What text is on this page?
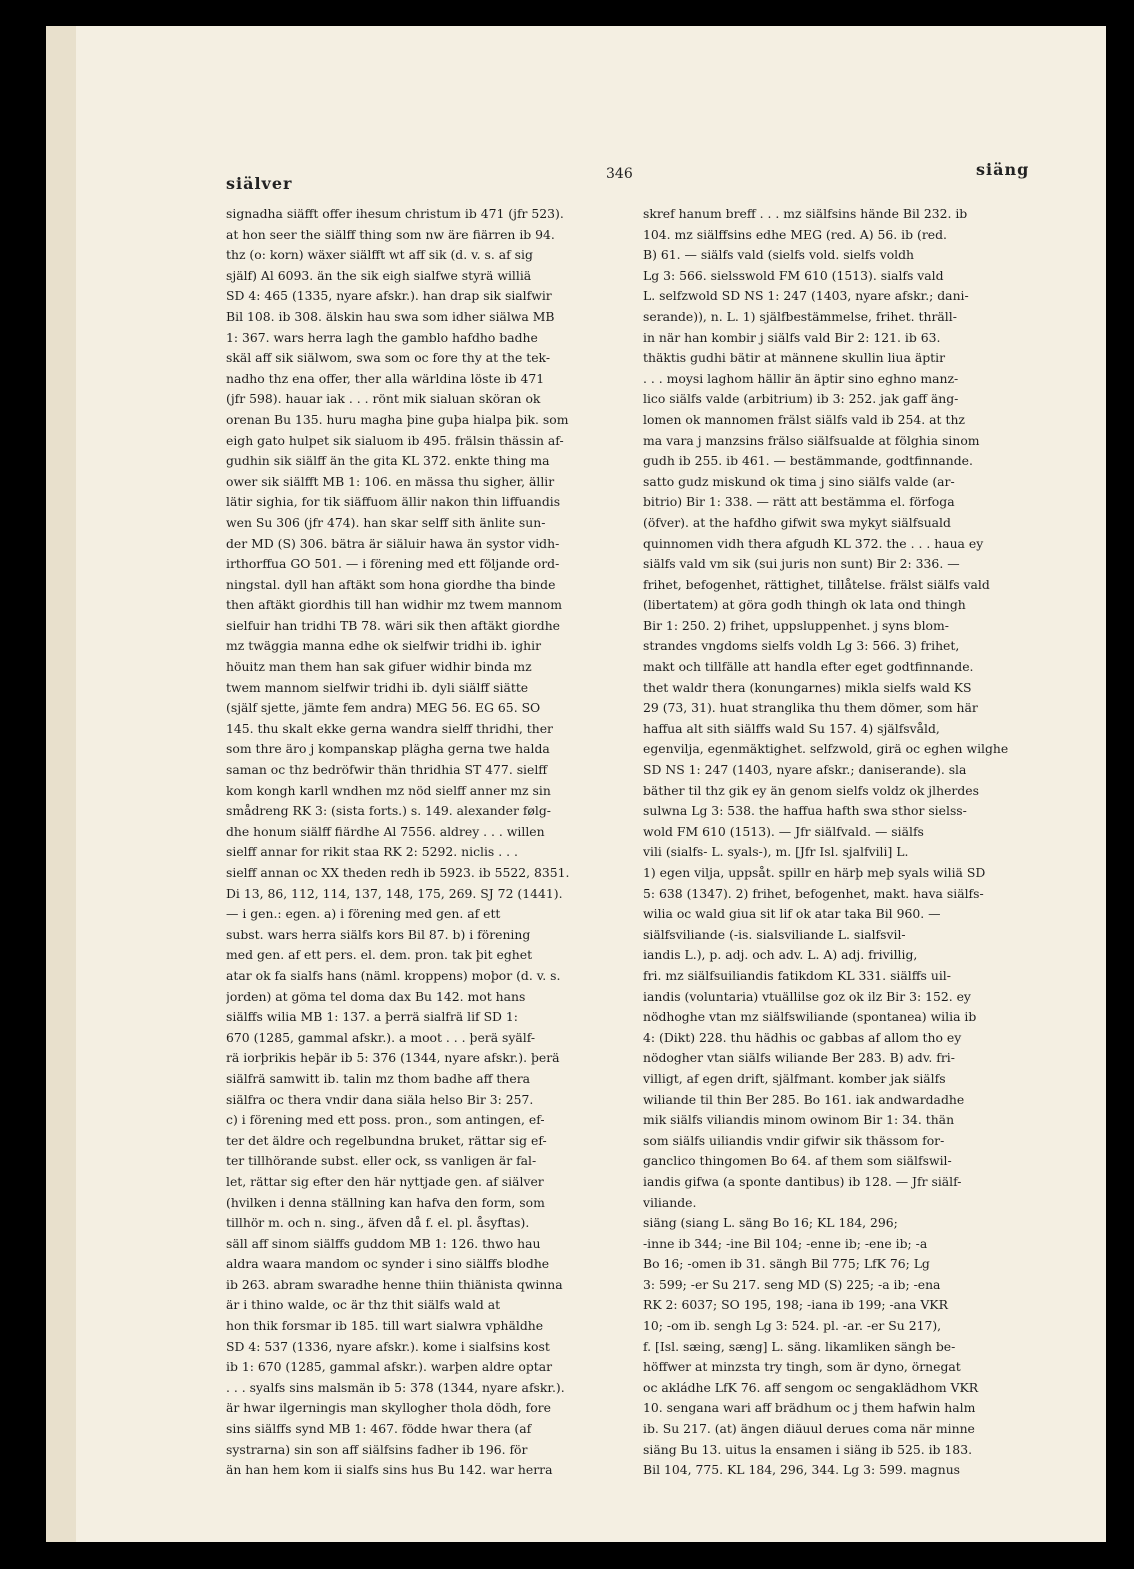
siälver	346	siäng
signadha siäfft offer ihesum christum ib 471 (jfr 523).
at hon seer the siälff thing som nw äre fiärren ib 94.
thz (o: korn) wäxer siälfft wt aff sik (d. v. s. af sig
själf) Al 6093. än the sik eigh sialfwe styrä williä
SD 4: 465 (1335, nyare afskr.). han drap sik sialfwir
Bil 108. ib 308. älskin hau swa som idher siälwa MB
1: 367. wars herra lagh the gamblo hafdho badhe
skäl aff sik siälwom, swa som oc fore thy at the tek-
nadho thz ena offer, ther alla wärldina löste ib 471
(jfr 598). hauar iak . . . rönt mik sialuan sköran ok
orenan Bu 135. huru magha þine guþa hialpa þik. som
eigh gato hulpet sik sialuom ib 495. frälsin thässin af-
gudhin sik siälff än the gita KL 372. enkte thing ma
ower sik siälfft MB 1: 106. en mässa thu sigher, ällir
lätir sighia, for tik siäffuom ällir nakon thin liffuandis
wen Su 306 (jfr 474). han skar selff sith änlite sun-
der MD (S) 306. bätra är siäluir hawa än systor vidh-
irthorffua GO 501. — i förening med ett följande ord-
ningstal. dyll han aftäkt som hona giordhe tha binde
then aftäkt giordhis till han widhir mz twem mannom
sielfuir han tridhi TB 78. wäri sik then aftäkt giordhe
mz twäggia manna edhe ok sielfwir tridhi ib. ighir
höuitz man them han sak gifuer widhir binda mz
twem mannom sielfwir tridhi ib. dyli siälff siätte
(själf sjette, jämte fem andra) MEG 56. EG 65. SO
145. thu skalt ekke gerna wandra sielff thridhi, ther
som thre äro j kompanskap plägha gerna twe halda
saman oc thz bedröfwir thän thridhia ST 477. sielff
kom kongh karll wndhen mz nöd sielff anner mz sin
smådreng RK 3: (sista forts.) s. 149. alexander følg-
dhe honum siälff fiärdhe Al 7556. aldrey . . . willen
sielff annar for rikit staa RK 2: 5292. niclis . . .
sielff annan oc XX theden redh ib 5923. ib 5522, 8351.
Di 13, 86, 112, 114, 137, 148, 175, 269. SJ 72 (1441).
— i gen.: egen. a) i förening med gen. af ett
subst. wars herra siälfs kors Bil 87. b) i förening
med gen. af ett pers. el. dem. pron. tak þit eghet
atar ok fa sialfs hans (näml. kroppens) moþor (d. v. s.
jorden) at göma tel doma dax Bu 142. mot hans
siälffs wilia MB 1: 137. a þerrä sialfrä lif SD 1:
670 (1285, gammal afskr.). a moot . . . þerä syälf-
rä iorþrikis heþär ib 5: 376 (1344, nyare afskr.). þerä
siälfrä samwitt ib. talin mz thom badhe aff thera
siälfra oc thera vndir dana siäla helso Bir 3: 257.
c) i förening med ett poss. pron., som antingen, ef-
ter det äldre och regelbundna bruket, rättar sig ef-
ter tillhörande subst. eller ock, ss vanligen är fal-
let, rättar sig efter den här nyttjade gen. af siälver
(hvilken i denna ställning kan hafva den form, som
tillhör m. och n. sing., äfven då f. el. pl. åsyftas).
säll aff sinom siälffs guddom MB 1: 126. thwo hau
aldra waara mandom oc synder i sino siälffs blodhe
ib 263. abram swaradhe henne thiin thiänista qwinna
är i thino walde, oc är thz thit siälfs wald at
hon thik forsmar ib 185. till wart sialwra vphäldhe
SD 4: 537 (1336, nyare afskr.). kome i sialfsins kost
ib 1: 670 (1285, gammal afskr.). warþen aldre optar
. . . syalfs sins malsmän ib 5: 378 (1344, nyare afskr.).
är hwar ilgerningis man skyllogher thola dödh, fore
sins siälffs synd MB 1: 467. födde hwar thera (af
systrarna) sin son aff siälfsins fadher ib 196. för
än han hem kom ii sialfs sins hus Bu 142. war herra
skref hanum breff . . . mz siälfsins hände Bil 232. ib
104. mz siälffsins edhe MEG (red. A) 56. ib (red.
B) 61. — siälfs vald (sielfs vold. sielfs voldh
Lg 3: 566. sielsswold FM 610 (1513). sialfs vald
L. selfzwold SD NS 1: 247 (1403, nyare afskr.; dani-
serande)), n. L. 1) själfbestämmelse, frihet. thräll-
in när han kombir j siälfs vald Bir 2: 121. ib 63.
thäktis gudhi bätir at männene skullin liua äptir
. . . moysi laghom hällir än äptir sino eghno manz-
lico siälfs valde (arbitrium) ib 3: 252. jak gaff äng-
lomen ok mannomen frälst siälfs vald ib 254. at thz
ma vara j manzsins frälso siälfsualde at fölghia sinom
gudh ib 255. ib 461. — bestämmande, godtfinnande.
satto gudz miskund ok tima j sino siälfs valde (ar-
bitrio) Bir 1: 338. — rätt att bestämma el. förfoga
(öfver). at the hafdho gifwit swa mykyt siälfsuald
quinnomen vidh thera afgudh KL 372. the . . . haua ey
siälfs vald vm sik (sui juris non sunt) Bir 2: 336. —
frihet, befogenhet, rättighet, tillåtelse. frälst siälfs vald
(libertatem) at göra godh thingh ok lata ond thingh
Bir 1: 250. 2) frihet, uppsluppenhet. j syns blom-
strandes vngdoms sielfs voldh Lg 3: 566. 3) frihet,
makt och tillfälle att handla efter eget godtfinnande.
thet waldr thera (konungarnes) mikla sielfs wald KS
29 (73, 31). huat stranglika thu them dömer, som här
haffua alt sith siälffs wald Su 157. 4) själfsvåld,
egenvilja, egenmäktighet. selfzwold, girä oc eghen wilghe
SD NS 1: 247 (1403, nyare afskr.; daniserande). sla
bäther til thz gik ey än genom sielfs voldz ok jlherdes
sulwna Lg 3: 538. the haffua hafth swa sthor sielss-
wold FM 610 (1513). — Jfr siälfvald. — siälfs
vili (sialfs- L. syals-), m. [Jfr Isl. sjalfvili] L.
1) egen vilja, uppsåt. spillr en härþ meþ syals wiliä SD
5: 638 (1347). 2) frihet, befogenhet, makt. hava siälfs-
wilia oc wald giua sit lif ok atar taka Bil 960. —
siälfsviliande (-is. sialsviliande L. sialfsvil-
iandis L.), p. adj. och adv. L. A) adj. frivillig,
fri. mz siälfsuiliandis fatikdom KL 331. siälffs uil-
iandis (voluntaria) vtuällilse goz ok ilz Bir 3: 152. ey
nödhoghe vtan mz siälfswiliande (spontanea) wilia ib
4: (Dikt) 228. thu hädhis oc gabbas af allom tho ey
nödogher vtan siälfs wiliande Ber 283. B) adv. fri-
villigt, af egen drift, själfmant. komber jak siälfs
wiliande til thin Ber 285. Bo 161. iak andwardadhe
mik siälfs viliandis minom owinom Bir 1: 34. thän
som siälfs uiliandis vndir gifwir sik thässom for-
ganclico thingomen Bo 64. af them som siälfswil-
iandis gifwa (a sponte dantibus) ib 128. — Jfr siälf-
viliande.
siäng (siang L. säng Bo 16; KL 184, 296;
-inne ib 344; -ine Bil 104; -enne ib; -ene ib; -a
Bo 16; -omen ib 31. sängh Bil 775; LfK 76; Lg
3: 599; -er Su 217. seng MD (S) 225; -a ib; -ena
RK 2: 6037; SO 195, 198; -iana ib 199; -ana VKR
10; -om ib. sengh Lg 3: 524. pl. -ar. -er Su 217),
f. [Isl. sæing, sæng] L. säng. likamliken sängh be-
höffwer at minzsta try tingh, som är dyno, örnegat
oc akládhe LfK 76. aff sengom oc sengaklädhom VKR
10. sengana wari aff brädhum oc j them hafwin halm
ib. Su 217. (at) ängen diäuul derues coma när minne
siäng Bu 13. uitus la ensamen i siäng ib 525. ib 183.
Bil 104, 775. KL 184, 296, 344. Lg 3: 599. magnus
